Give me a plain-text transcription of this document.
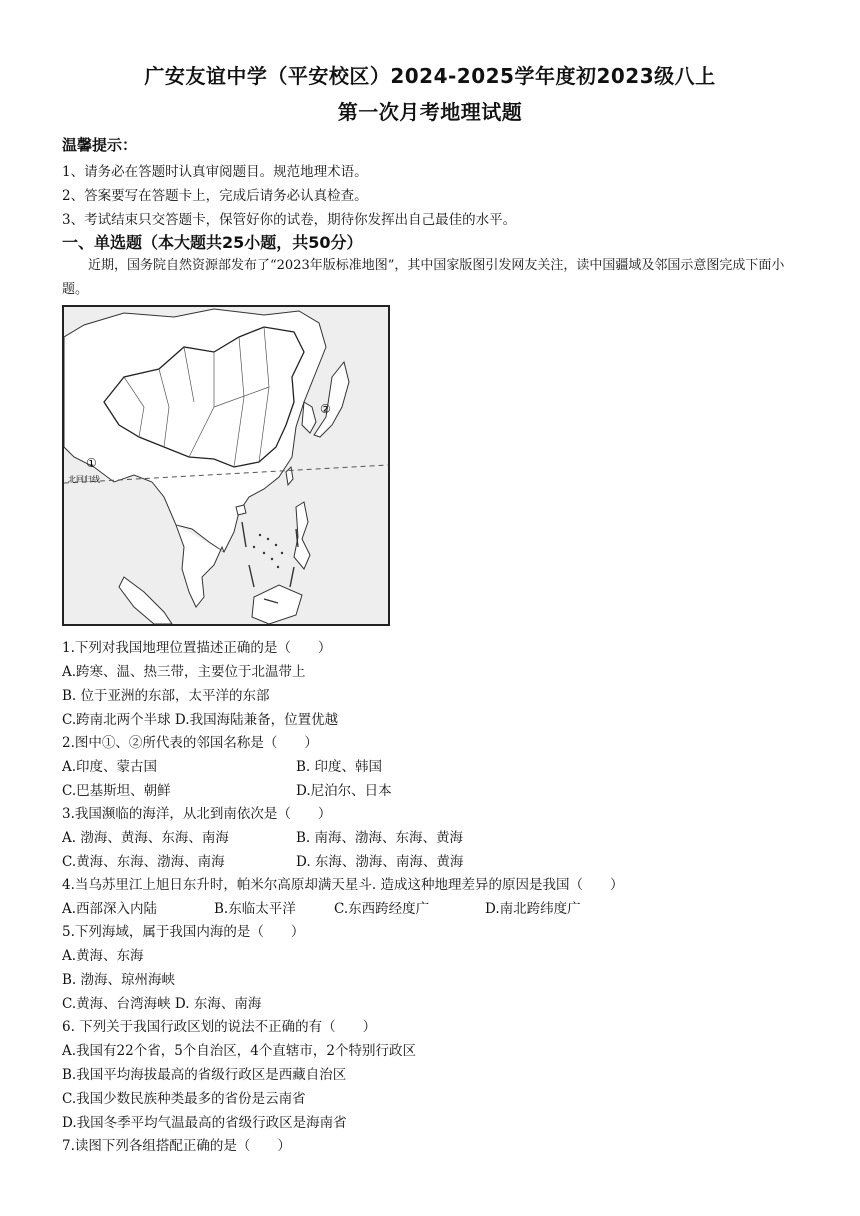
广安友谊中学（平安校区）2024-2025学年度初2023级八上
第一次月考地理试题
温馨提示：
1、请务必在答题时认真审阅题目。规范地理术语。
2、答案要写在答题卡上，完成后请务必认真检查。
3、考试结束只交答题卡，保管好你的试卷，期待你发挥出自己最佳的水平。
一、单选题（本大题共25小题，共50分）
近期，国务院自然资源部发布了“2023年版标准地图”，其中国家版图引发网友关注，读中国疆域及邻国示意图完成下面小题。
①
②
北回归线
1.下列对我国地理位置描述正确的是（　　）
A.跨寒、温、热三带，主要位于北温带上
B. 位于亚洲的东部，太平洋的东部
C.跨南北两个半球 D.我国海陆兼备，位置优越
2.图中①、②所代表的邻国名称是（　　）
A.印度、蒙古国	B. 印度、韩国
C.巴基斯坦、朝鲜	D.尼泊尔、日本
3.我国濒临的海洋，从北到南依次是（　　）
A. 渤海、黄海、东海、南海	B. 南海、渤海、东海、黄海
C.黄海、东海、渤海、南海	D. 东海、渤海、南海、黄海
4.当乌苏里江上旭日东升时，帕米尔高原却满天星斗. 造成这种地理差异的原因是我国（　　）
A.西部深入内陆	B.东临太平洋	C.东西跨经度广	D.南北跨纬度广
5.下列海域，属于我国内海的是（　　）
A.黄海、东海
B. 渤海、琼州海峡
C.黄海、台湾海峡 D. 东海、南海
6. 下列关于我国行政区划的说法不正确的有（　　）
A.我国有22个省，5个自治区，4个直辖市，2个特别行政区
B.我国平均海拔最高的省级行政区是西藏自治区
C.我国少数民族种类最多的省份是云南省
D.我国冬季平均气温最高的省级行政区是海南省
7.读图下列各组搭配正确的是（　　）
